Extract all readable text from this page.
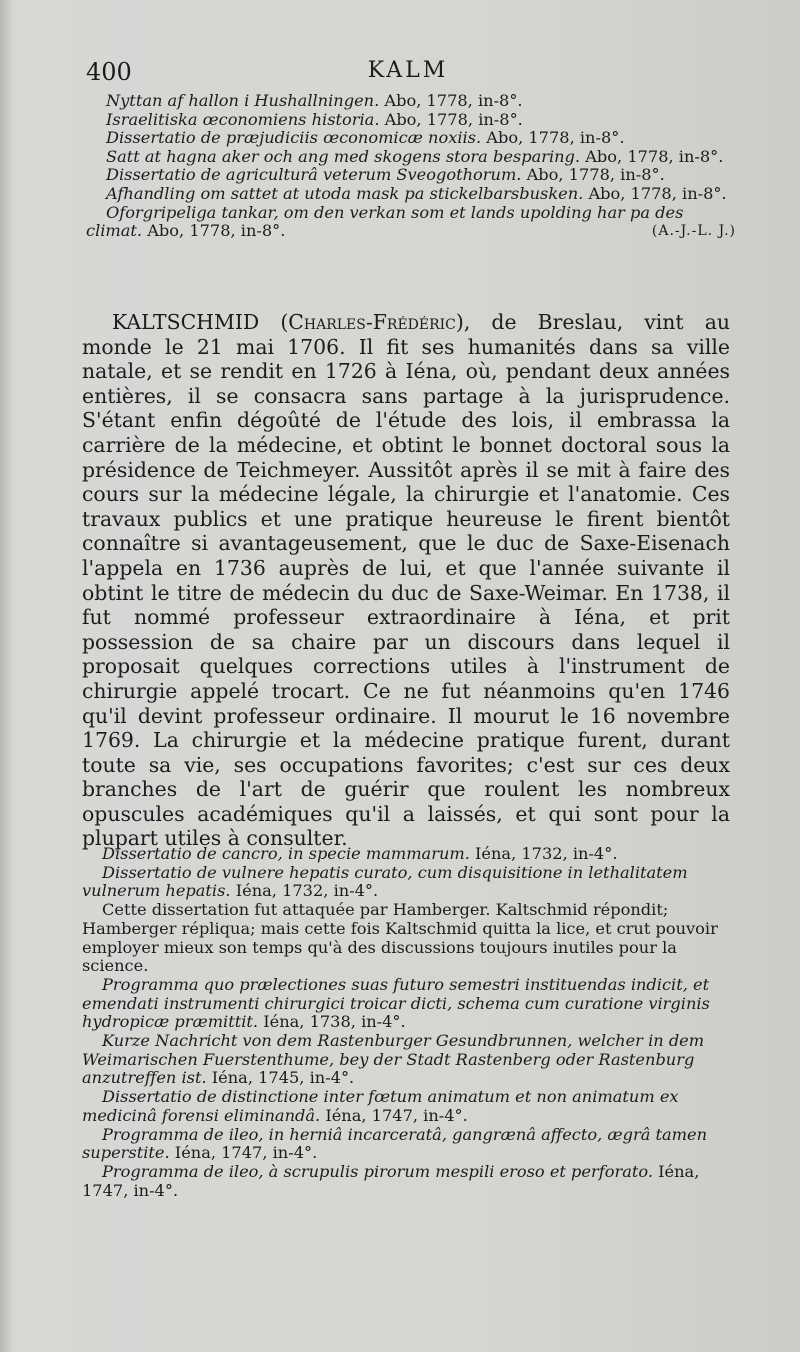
400	KALM

Nyttan af hallon i Hushallningen. Abo, 1778, in-8°.

Israelitiska œconomiens historia. Abo, 1778, in-8°.

Dissertatio de præjudiciis œconomicæ noxiis. Abo, 1778, in-8°.

Satt at hagna aker och ang med skogens stora besparing. Abo, 1778, in-8°.

Dissertatio de agriculturâ veterum Sveogothorum. Abo, 1778, in-8°.

Afhandling om sattet at utoda mask pa stickelbarsbusken. Abo, 1778, in-8°.

Oforgripeliga tankar, om den verkan som et lands upolding har pa des climat. Abo, 1778, in-8°.	(A.-J.-L. J.)

KALTSCHMID (Charles-Frédéric), de Breslau, vint au monde le 21 mai 1706. Il fit ses humanités dans sa ville natale, et se rendit en 1726 à Iéna, où, pendant deux années entières, il se consacra sans partage à la jurisprudence. S'étant enfin dégoûté de l'étude des lois, il embrassa la carrière de la médecine, et obtint le bonnet doctoral sous la présidence de Teichmeyer. Aussitôt après il se mit à faire des cours sur la médecine légale, la chirurgie et l'anatomie. Ces travaux publics et une pratique heureuse le firent bientôt connaître si avantageusement, que le duc de Saxe-Eisenach l'appela en 1736 auprès de lui, et que l'année suivante il obtint le titre de médecin du duc de Saxe-Weimar. En 1738, il fut nommé professeur extraordinaire à Iéna, et prit possession de sa chaire par un discours dans lequel il proposait quelques corrections utiles à l'instrument de chirurgie appelé trocart. Ce ne fut néanmoins qu'en 1746 qu'il devint professeur ordinaire. Il mourut le 16 novembre 1769. La chirurgie et la médecine pratique furent, durant toute sa vie, ses occupations favorites; c'est sur ces deux branches de l'art de guérir que roulent les nombreux opuscules académiques qu'il a laissés, et qui sont pour la plupart utiles à consulter.

Dissertatio de cancro, in specie mammarum. Iéna, 1732, in-4°.

Dissertatio de vulnere hepatis curato, cum disquisitione in lethalitatem vulnerum hepatis. Iéna, 1732, in-4°.

Cette dissertation fut attaquée par Hamberger. Kaltschmid répondit; Hamberger répliqua; mais cette fois Kaltschmid quitta la lice, et crut pouvoir employer mieux son temps qu'à des discussions toujours inutiles pour la science.

Programma quo prælectiones suas futuro semestri instituendas indicit, et emendati instrumenti chirurgici troicar dicti, schema cum curatione virginis hydropicæ præmittit. Iéna, 1738, in-4°.

Kurze Nachricht von dem Rastenburger Gesundbrunnen, welcher in dem Weimarischen Fuerstenthume, bey der Stadt Rastenberg oder Rastenburg anzutreffen ist. Iéna, 1745, in-4°.

Dissertatio de distinctione inter fœtum animatum et non animatum ex medicinâ forensi eliminandâ. Iéna, 1747, in-4°.

Programma de ileo, in herniâ incarceratâ, gangrænâ affecto, ægrâ tamen superstite. Iéna, 1747, in-4°.

Programma de ileo, à scrupulis pirorum mespili eroso et perforato. Iéna, 1747, in-4°.
